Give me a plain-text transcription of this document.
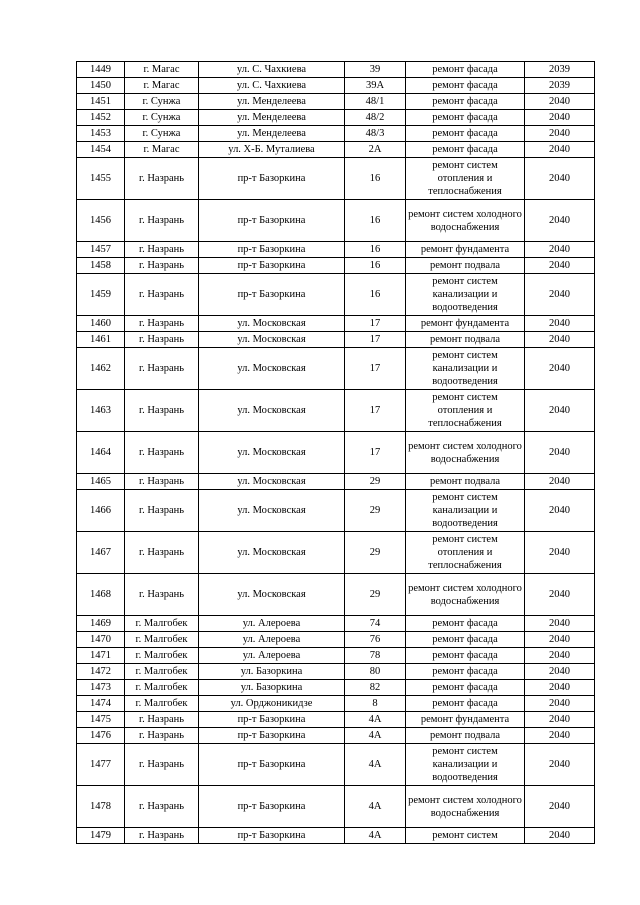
1449	г. Магас	ул. С. Чахкиева	39	ремонт фасада	2039
1450	г. Магас	ул. С. Чахкиева	39А	ремонт фасада	2039
1451	г. Сунжа	ул. Менделеева	48/1	ремонт фасада	2040
1452	г. Сунжа	ул. Менделеева	48/2	ремонт фасада	2040
1453	г. Сунжа	ул. Менделеева	48/3	ремонт фасада	2040
1454	г. Магас	ул. Х-Б. Муталиева	2А	ремонт фасада	2040
1455	г. Назрань	пр-т Базоркина	16	ремонт систем отопления и теплоснабжения	2040
1456	г. Назрань	пр-т Базоркина	16	ремонт систем холодного водоснабжения	2040
1457	г. Назрань	пр-т Базоркина	16	ремонт фундамента	2040
1458	г. Назрань	пр-т Базоркина	16	ремонт подвала	2040
1459	г. Назрань	пр-т Базоркина	16	ремонт систем канализации и водоотведения	2040
1460	г. Назрань	ул. Московская	17	ремонт фундамента	2040
1461	г. Назрань	ул. Московская	17	ремонт подвала	2040
1462	г. Назрань	ул. Московская	17	ремонт систем канализации и водоотведения	2040
1463	г. Назрань	ул. Московская	17	ремонт систем отопления и теплоснабжения	2040
1464	г. Назрань	ул. Московская	17	ремонт систем холодного водоснабжения	2040
1465	г. Назрань	ул. Московская	29	ремонт подвала	2040
1466	г. Назрань	ул. Московская	29	ремонт систем канализации и водоотведения	2040
1467	г. Назрань	ул. Московская	29	ремонт систем отопления и теплоснабжения	2040
1468	г. Назрань	ул. Московская	29	ремонт систем холодного водоснабжения	2040
1469	г. Малгобек	ул. Алероева	74	ремонт фасада	2040
1470	г. Малгобек	ул. Алероева	76	ремонт фасада	2040
1471	г. Малгобек	ул. Алероева	78	ремонт фасада	2040
1472	г. Малгобек	ул. Базоркина	80	ремонт фасада	2040
1473	г. Малгобек	ул. Базоркина	82	ремонт фасада	2040
1474	г. Малгобек	ул. Орджоникидзе	8	ремонт фасада	2040
1475	г. Назрань	пр-т Базоркина	4А	ремонт фундамента	2040
1476	г. Назрань	пр-т Базоркина	4А	ремонт подвала	2040
1477	г. Назрань	пр-т Базоркина	4А	ремонт систем канализации и водоотведения	2040
1478	г. Назрань	пр-т Базоркина	4А	ремонт систем холодного водоснабжения	2040
1479	г. Назрань	пр-т Базоркина	4А	ремонт систем	2040
